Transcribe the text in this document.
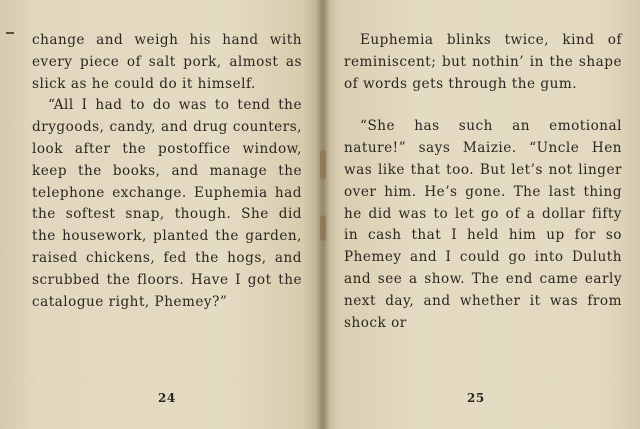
change and weigh his hand with every piece of salt pork, almost as slick as he could do it himself.

“All I had to do was to tend the drygoods, candy, and drug counters, look after the postoffice window, keep the books, and manage the telephone exchange. Euphemia had the softest snap, though. She did the housework, planted the garden, raised chickens, fed the hogs, and scrubbed the floors. Have I got the catalogue right, Phemey?”

24

Euphemia blinks twice, kind of reminiscent; but nothin’ in the shape of words gets through the gum.

“She has such an emotional nature!” says Maizie. “Uncle Hen was like that too. But let’s not linger over him. He’s gone. The last thing he did was to let go of a dollar fifty in cash that I held him up for so Phemey and I could go into Duluth and see a show. The end came early next day, and whether it was from shock or

25
